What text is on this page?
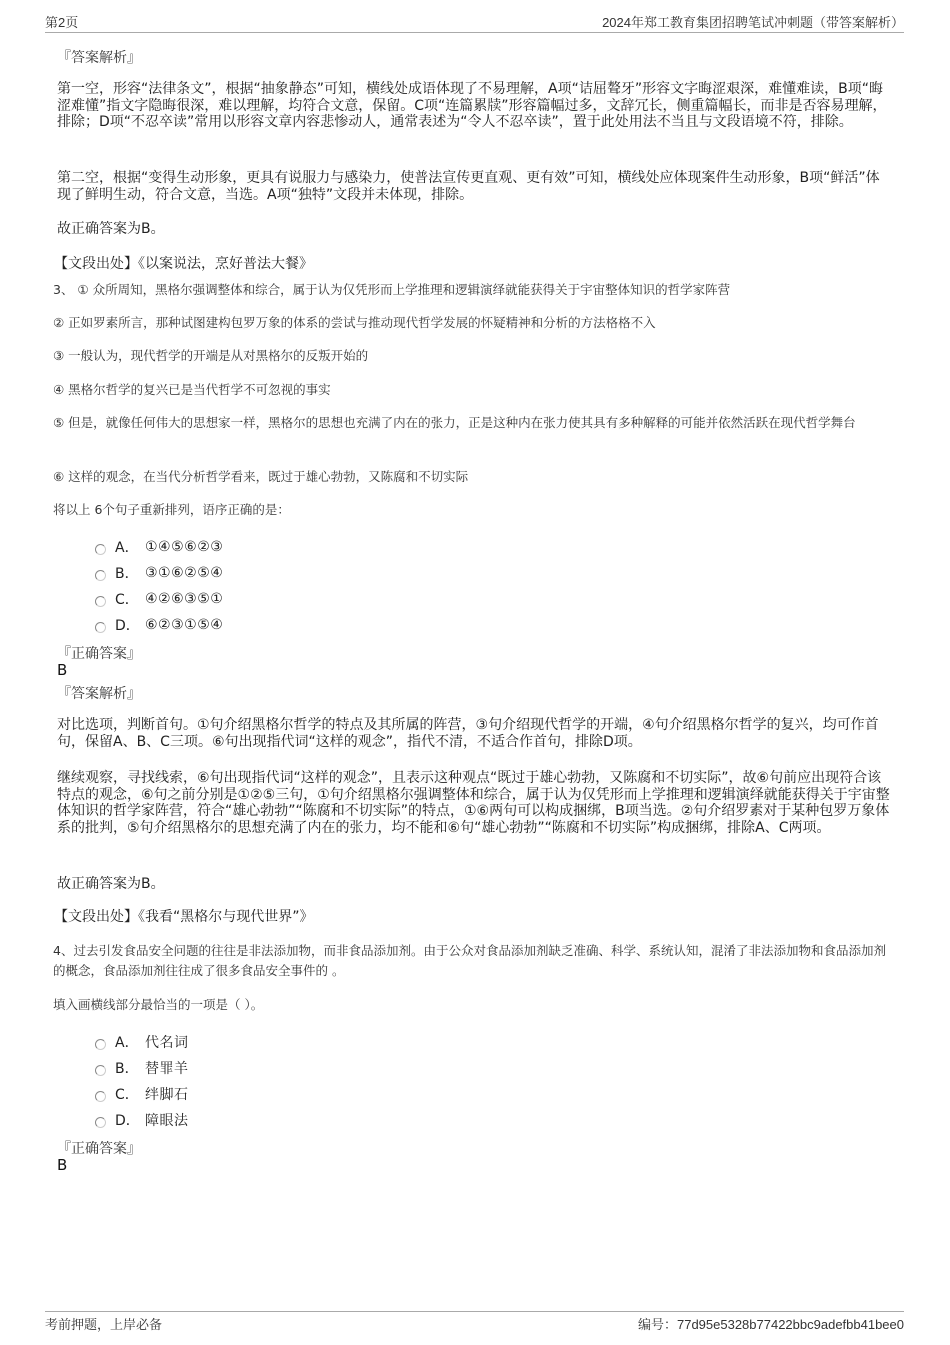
第2页	2024年郑工教育集团招聘笔试冲刺题（带答案解析）
『答案解析』
第一空，形容“法律条文”，根据“抽象静态”可知，横线处成语体现了不易理解，A项“诘屈聱牙”形容文字晦涩艰深，难懂难读，B项“晦涩难懂”指文字隐晦很深，难以理解，均符合文意，保留。C项“连篇累牍”形容篇幅过多，文辞冗长，侧重篇幅长，而非是否容易理解，排除；D项“不忍卒读”常用以形容文章内容悲惨动人，通常表述为“令人不忍卒读”，置于此处用法不当且与文段语境不符，排除。
第二空，根据“变得生动形象，更具有说服力与感染力，使普法宣传更直观、更有效”可知，横线处应体现案件生动形象，B项“鲜活”体现了鲜明生动，符合文意，当选。A项“独特”文段并未体现，排除。
故正确答案为B。
【文段出处】《以案说法，烹好普法大餐》
3、 ① 众所周知，黑格尔强调整体和综合，属于认为仅凭形而上学推理和逻辑演绎就能获得关于宇宙整体知识的哲学家阵营
② 正如罗素所言，那种试图建构包罗万象的体系的尝试与推动现代哲学发展的怀疑精神和分析的方法格格不入
③ 一般认为，现代哲学的开端是从对黑格尔的反叛开始的
④ 黑格尔哲学的复兴已是当代哲学不可忽视的事实
⑤ 但是，就像任何伟大的思想家一样，黑格尔的思想也充满了内在的张力，正是这种内在张力使其具有多种解释的可能并依然活跃在现代哲学舞台
⑥ 这样的观念，在当代分析哲学看来，既过于雄心勃勃，又陈腐和不切实际
将以上 6个句子重新排列，语序正确的是：
A． ①④⑤⑥②③
B． ③①⑥②⑤④
C． ④②⑥③⑤①
D． ⑥②③①⑤④
『正确答案』
B
『答案解析』
对比选项，判断首句。①句介绍黑格尔哲学的特点及其所属的阵营，③句介绍现代哲学的开端，④句介绍黑格尔哲学的复兴，均可作首句，保留A、B、C三项。⑥句出现指代词“这样的观念”，指代不清，不适合作首句，排除D项。
继续观察，寻找线索，⑥句出现指代词“这样的观念”，且表示这种观点“既过于雄心勃勃，又陈腐和不切实际”，故⑥句前应出现符合该特点的观念，⑥句之前分别是①②⑤三句，①句介绍黑格尔强调整体和综合，属于认为仅凭形而上学推理和逻辑演绎就能获得关于宇宙整体知识的哲学家阵营，符合“雄心勃勃”“陈腐和不切实际”的特点，①⑥两句可以构成捆绑，B项当选。②句介绍罗素对于某种包罗万象体系的批判，⑤句介绍黑格尔的思想充满了内在的张力，均不能和⑥句“雄心勃勃”“陈腐和不切实际”构成捆绑，排除A、C两项。
故正确答案为B。
【文段出处】《我看“黑格尔与现代世界”》
4、过去引发食品安全问题的往往是非法添加物，而非食品添加剂。由于公众对食品添加剂缺乏准确、科学、系统认知，混淆了非法添加物和食品添加剂的概念，食品添加剂往往成了很多食品安全事件的 。
填入画横线部分最恰当的一项是（ ）。
A． 代名词
B． 替罪羊
C． 绊脚石
D． 障眼法
『正确答案』
B
考前押题，上岸必备	编号：77d95e5328b77422bbc9adefbb41bee0
